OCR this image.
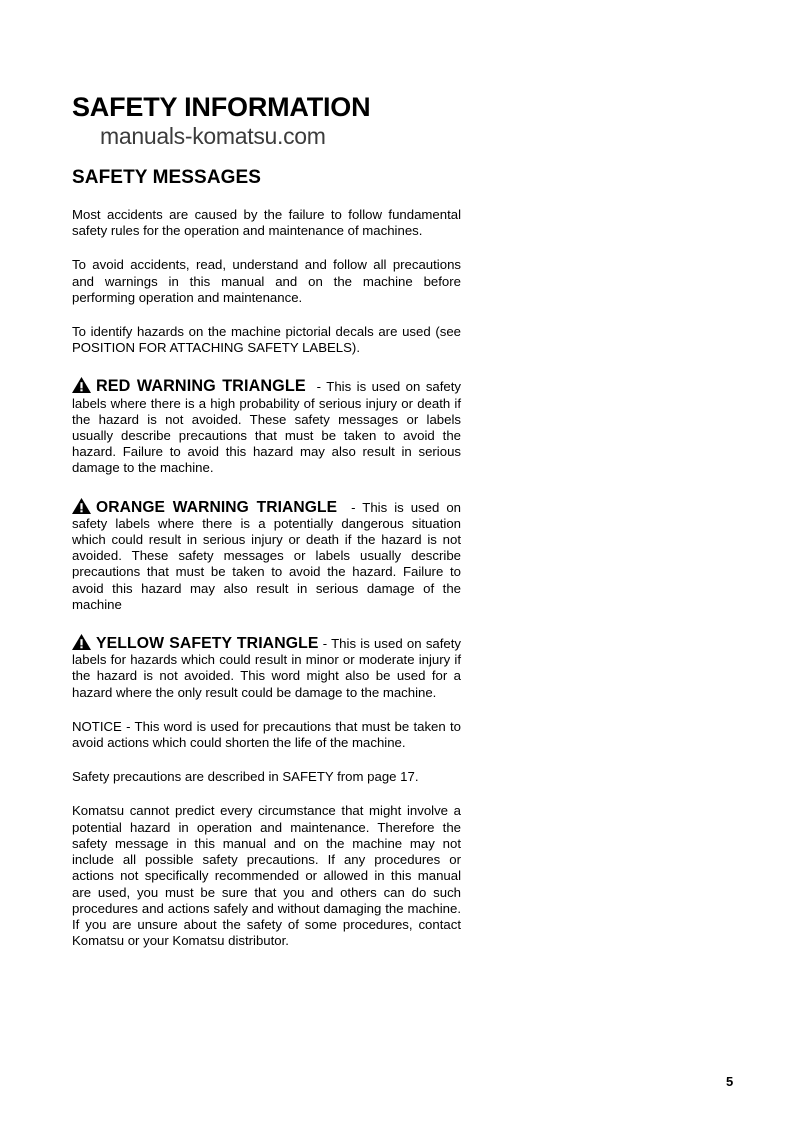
SAFETY INFORMATION
manuals-komatsu.com
SAFETY MESSAGES

Most accidents are caused by the failure to follow fundamental safety rules for the operation and maintenance of machines.

To avoid accidents, read, understand and follow all precautions and warnings in this manual and on the machine before performing operation and maintenance.

To identify hazards on the machine pictorial decals are used (see POSITION FOR ATTACHING SAFETY LABELS).

RED WARNING TRIANGLE - This is used on safety labels where there is a high probability of serious injury or death if the hazard is not avoided. These safety messages or labels usually describe precautions that must be taken to avoid the hazard. Failure to avoid this hazard may also result in serious damage to the machine.

ORANGE WARNING TRIANGLE - This is used on safety labels where there is a potentially dangerous situation which could result in serious injury or death if the hazard is not avoided. These safety messages or labels usually describe precautions that must be taken to avoid the hazard. Failure to avoid this hazard may also result in serious damage of the machine

YELLOW SAFETY TRIANGLE - This is used on safety labels for hazards which could result in minor or moderate injury if the hazard is not avoided. This word might also be used for a hazard where the only result could be damage to the machine.

NOTICE - This word is used for precautions that must be taken to avoid actions which could shorten the life of the machine.

Safety precautions are described in SAFETY from page 17.

Komatsu cannot predict every circumstance that might involve a potential hazard in operation and maintenance. Therefore the safety message in this manual and on the machine may not include all possible safety precautions. If any procedures or actions not specifically recommended or allowed in this manual are used, you must be sure that you and others can do such procedures and actions safely and without damaging the machine. If you are unsure about the safety of some procedures, contact Komatsu or your Komatsu distributor.

5
